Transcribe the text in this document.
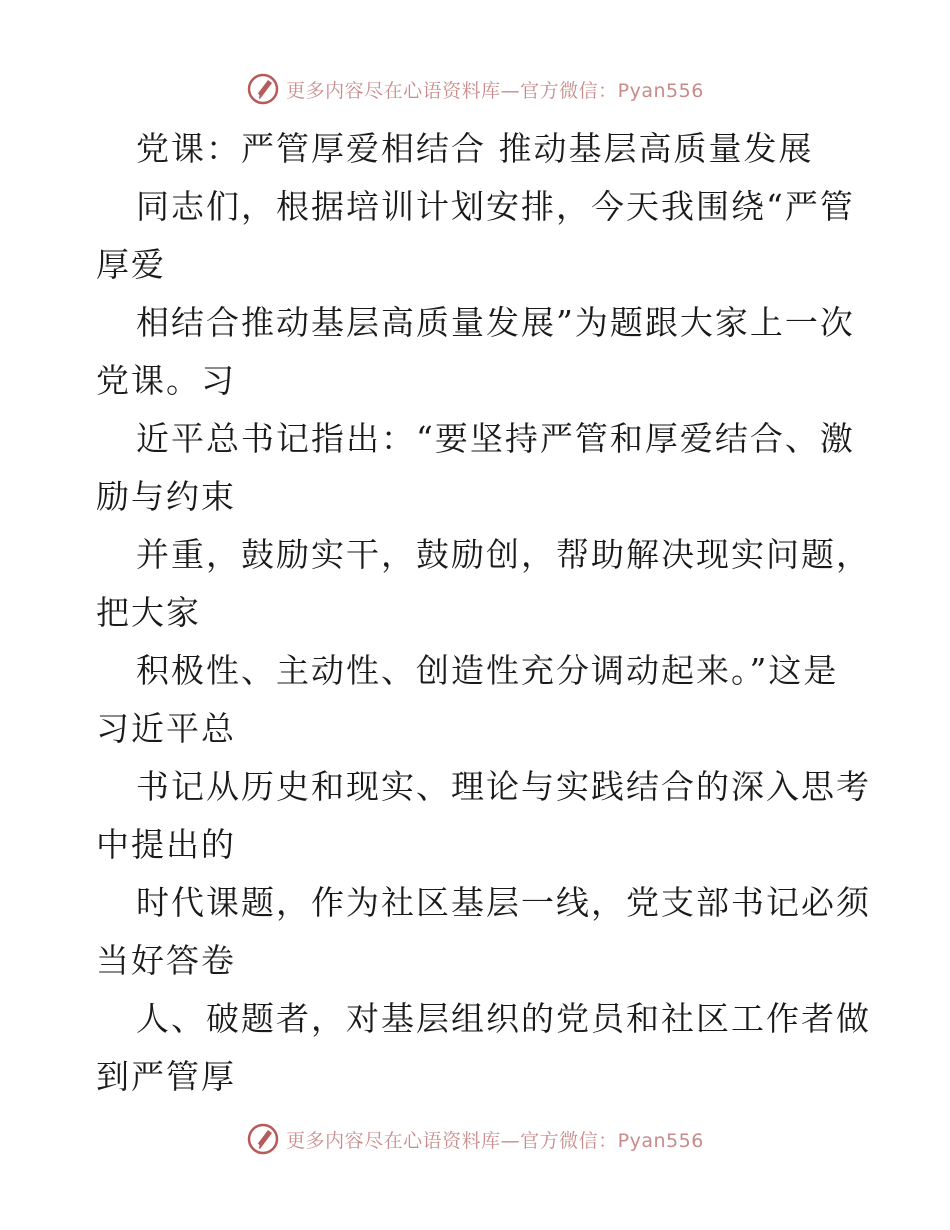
更多内容尽在心语资料库—官方微信：Pyan556
党课：严管厚爱相结合 推动基层高质量发展

同志们，根据培训计划安排，今天我围绕“严管

厚爱

相结合推动基层高质量发展”为题跟大家上一次

党课。习

近平总书记指出：“要坚持严管和厚爱结合、激

励与约束

并重，鼓励实干，鼓励创，帮助解决现实问题，

把大家

积极性、主动性、创造性充分调动起来。”这是

习近平总

书记从历史和现实、理论与实践结合的深入思考

中提出的

时代课题，作为社区基层一线，党支部书记必须

当好答卷

人、破题者，对基层组织的党员和社区工作者做

到严管厚

更多内容尽在心语资料库—官方微信：Pyan556
